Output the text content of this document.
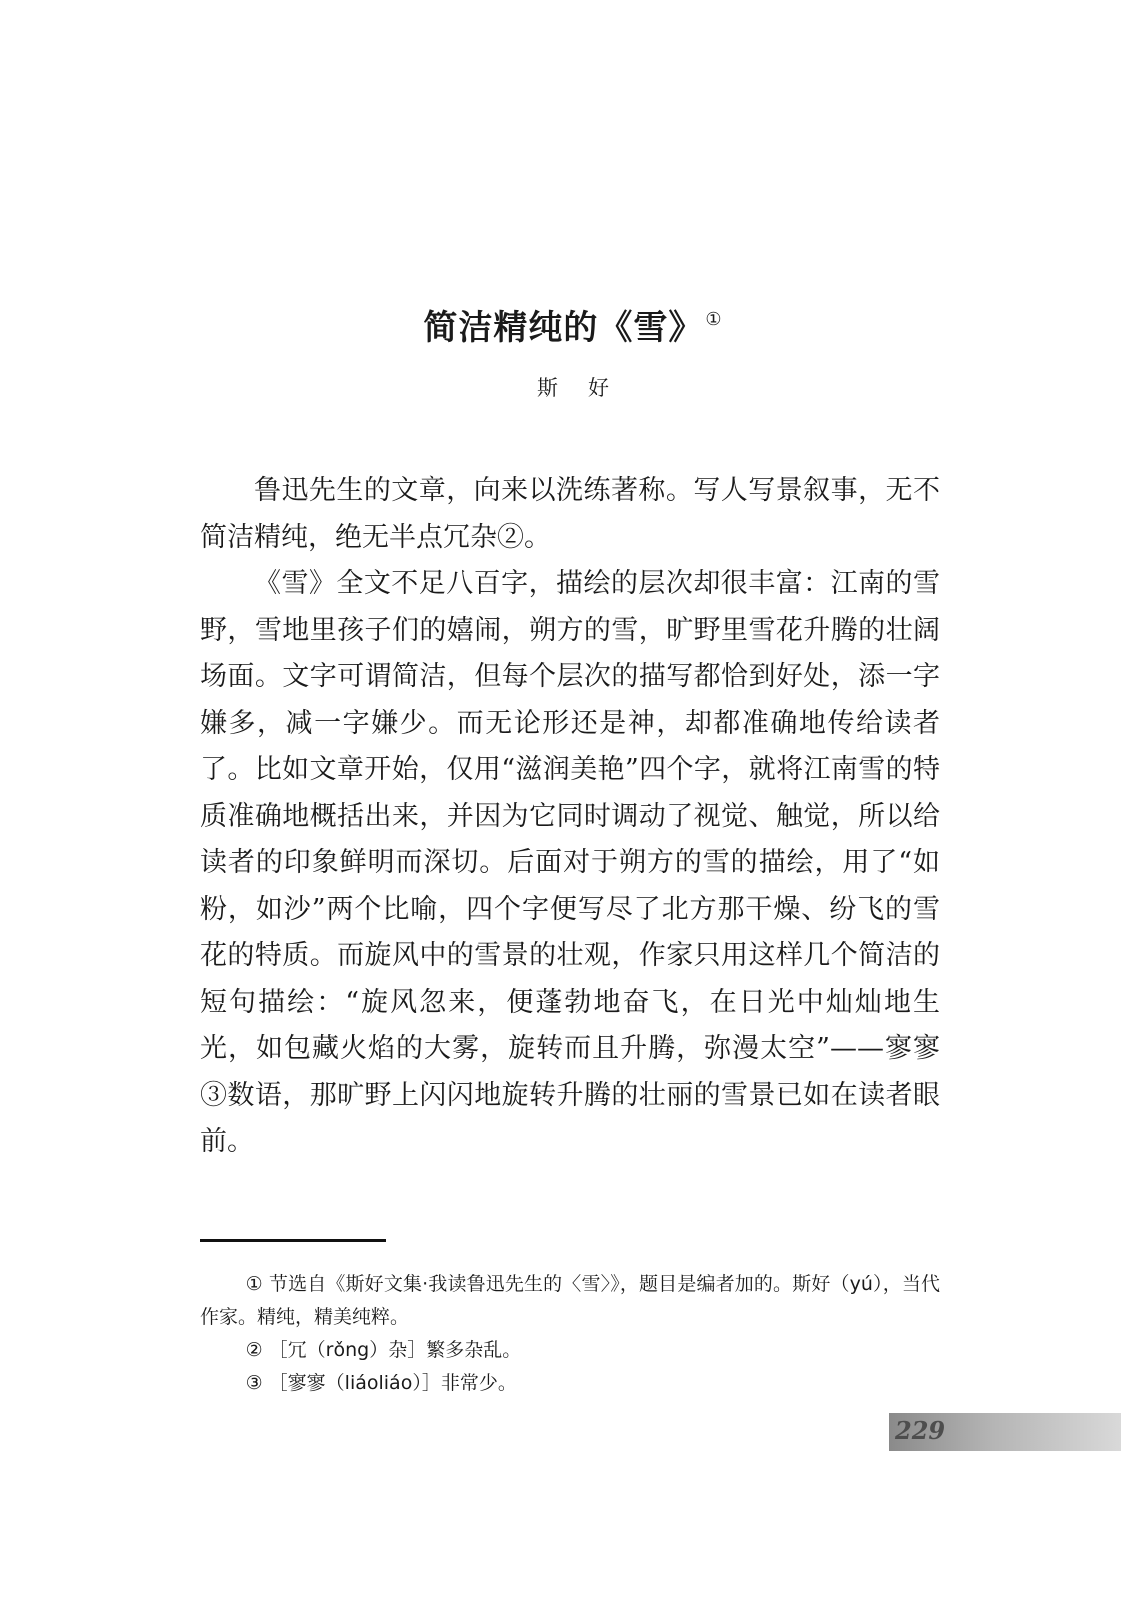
简洁精纯的《雪》 ①
斯好

鲁迅先生的文章，向来以洗练著称。写人写景叙事，无不简洁精纯，绝无半点冗杂②。

《雪》全文不足八百字，描绘的层次却很丰富：江南的雪野，雪地里孩子们的嬉闹，朔方的雪，旷野里雪花升腾的壮阔场面。文字可谓简洁，但每个层次的描写都恰到好处，添一字嫌多，减一字嫌少。而无论形还是神，却都准确地传给读者了。比如文章开始，仅用“滋润美艳”四个字，就将江南雪的特质准确地概括出来，并因为它同时调动了视觉、触觉，所以给读者的印象鲜明而深切。后面对于朔方的雪的描绘，用了“如粉，如沙”两个比喻，四个字便写尽了北方那干燥、纷飞的雪花的特质。而旋风中的雪景的壮观，作家只用这样几个简洁的短句描绘：“旋风忽来，便蓬勃地奋飞，在日光中灿灿地生光，如包藏火焰的大雾，旋转而且升腾，弥漫太空”——寥寥③数语，那旷野上闪闪地旋转升腾的壮丽的雪景已如在读者眼前。

① 节选自《斯好文集·我读鲁迅先生的〈雪〉》，题目是编者加的。斯好（yú），当代作家。精纯，精美纯粹。

② ［冗（rǒng）杂］繁多杂乱。

③ ［寥寥（liáoliáo）］非常少。

229
